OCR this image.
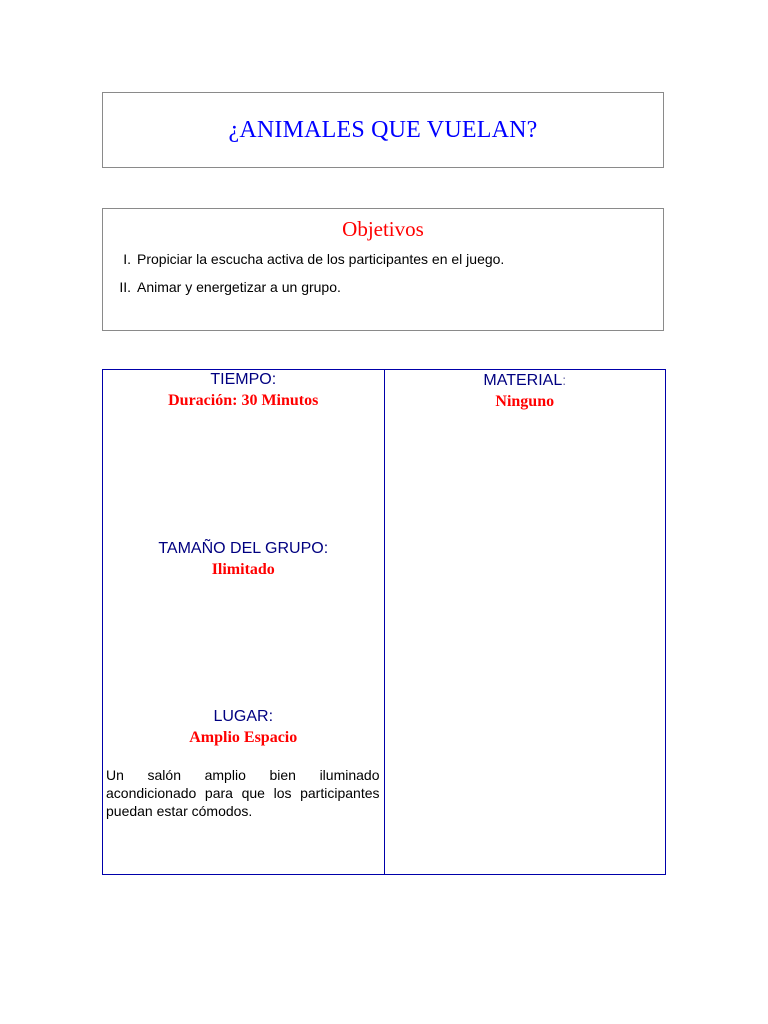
¿ANIMALES QUE VUELAN?
Objetivos
I. Propiciar la escucha activa de los participantes en el juego.
II. Animar y energetizar a un grupo.
TIEMPO:
Duración: 30 Minutos
TAMAÑO DEL GRUPO:
Ilimitado
LUGAR:
Amplio Espacio
Un salón amplio bien iluminado acondicionado para que los participantes puedan estar cómodos.
MATERIAL:
Ninguno
